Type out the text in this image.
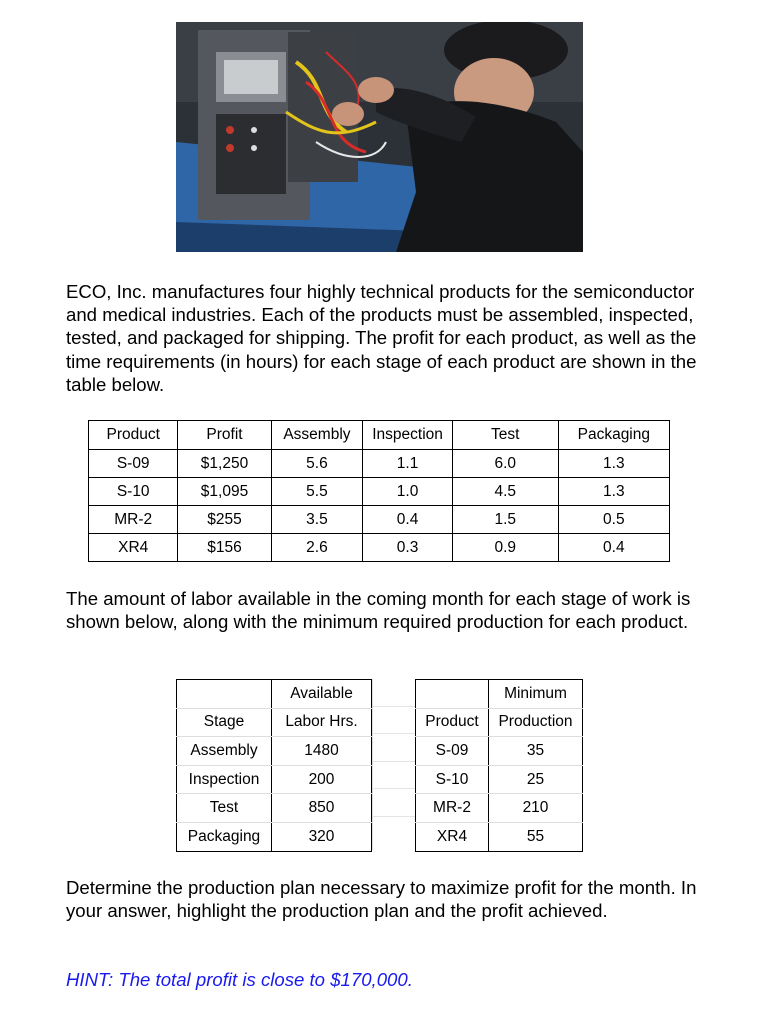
ECO, Inc. manufactures four highly technical products for the semiconductor and medical industries. Each of the products must be assembled, inspected, tested, and packaged for shipping. The profit for each product, as well as the time requirements (in hours) for each stage of each product are shown in the table below.

Product	Profit	Assembly	Inspection	Test	Packaging
S-09	$1,250	5.6	1.1	6.0	1.3
S-10	$1,095	5.5	1.0	4.5	1.3
MR-2	$255	3.5	0.4	1.5	0.5
XR4	$156	2.6	0.3	0.9	0.4

The amount of labor available in the coming month for each stage of work is shown below, along with the minimum required production for each product.

	Available
Stage	Labor Hrs.
Assembly	1480
Inspection	200
Test	850
Packaging	320
	Minimum
Product	Production
S-09	35
S-10	25
MR-2	210
XR4	55

Determine the production plan necessary to maximize profit for the month. In your answer, highlight the production plan and the profit achieved.

HINT: The total profit is close to $170,000.
